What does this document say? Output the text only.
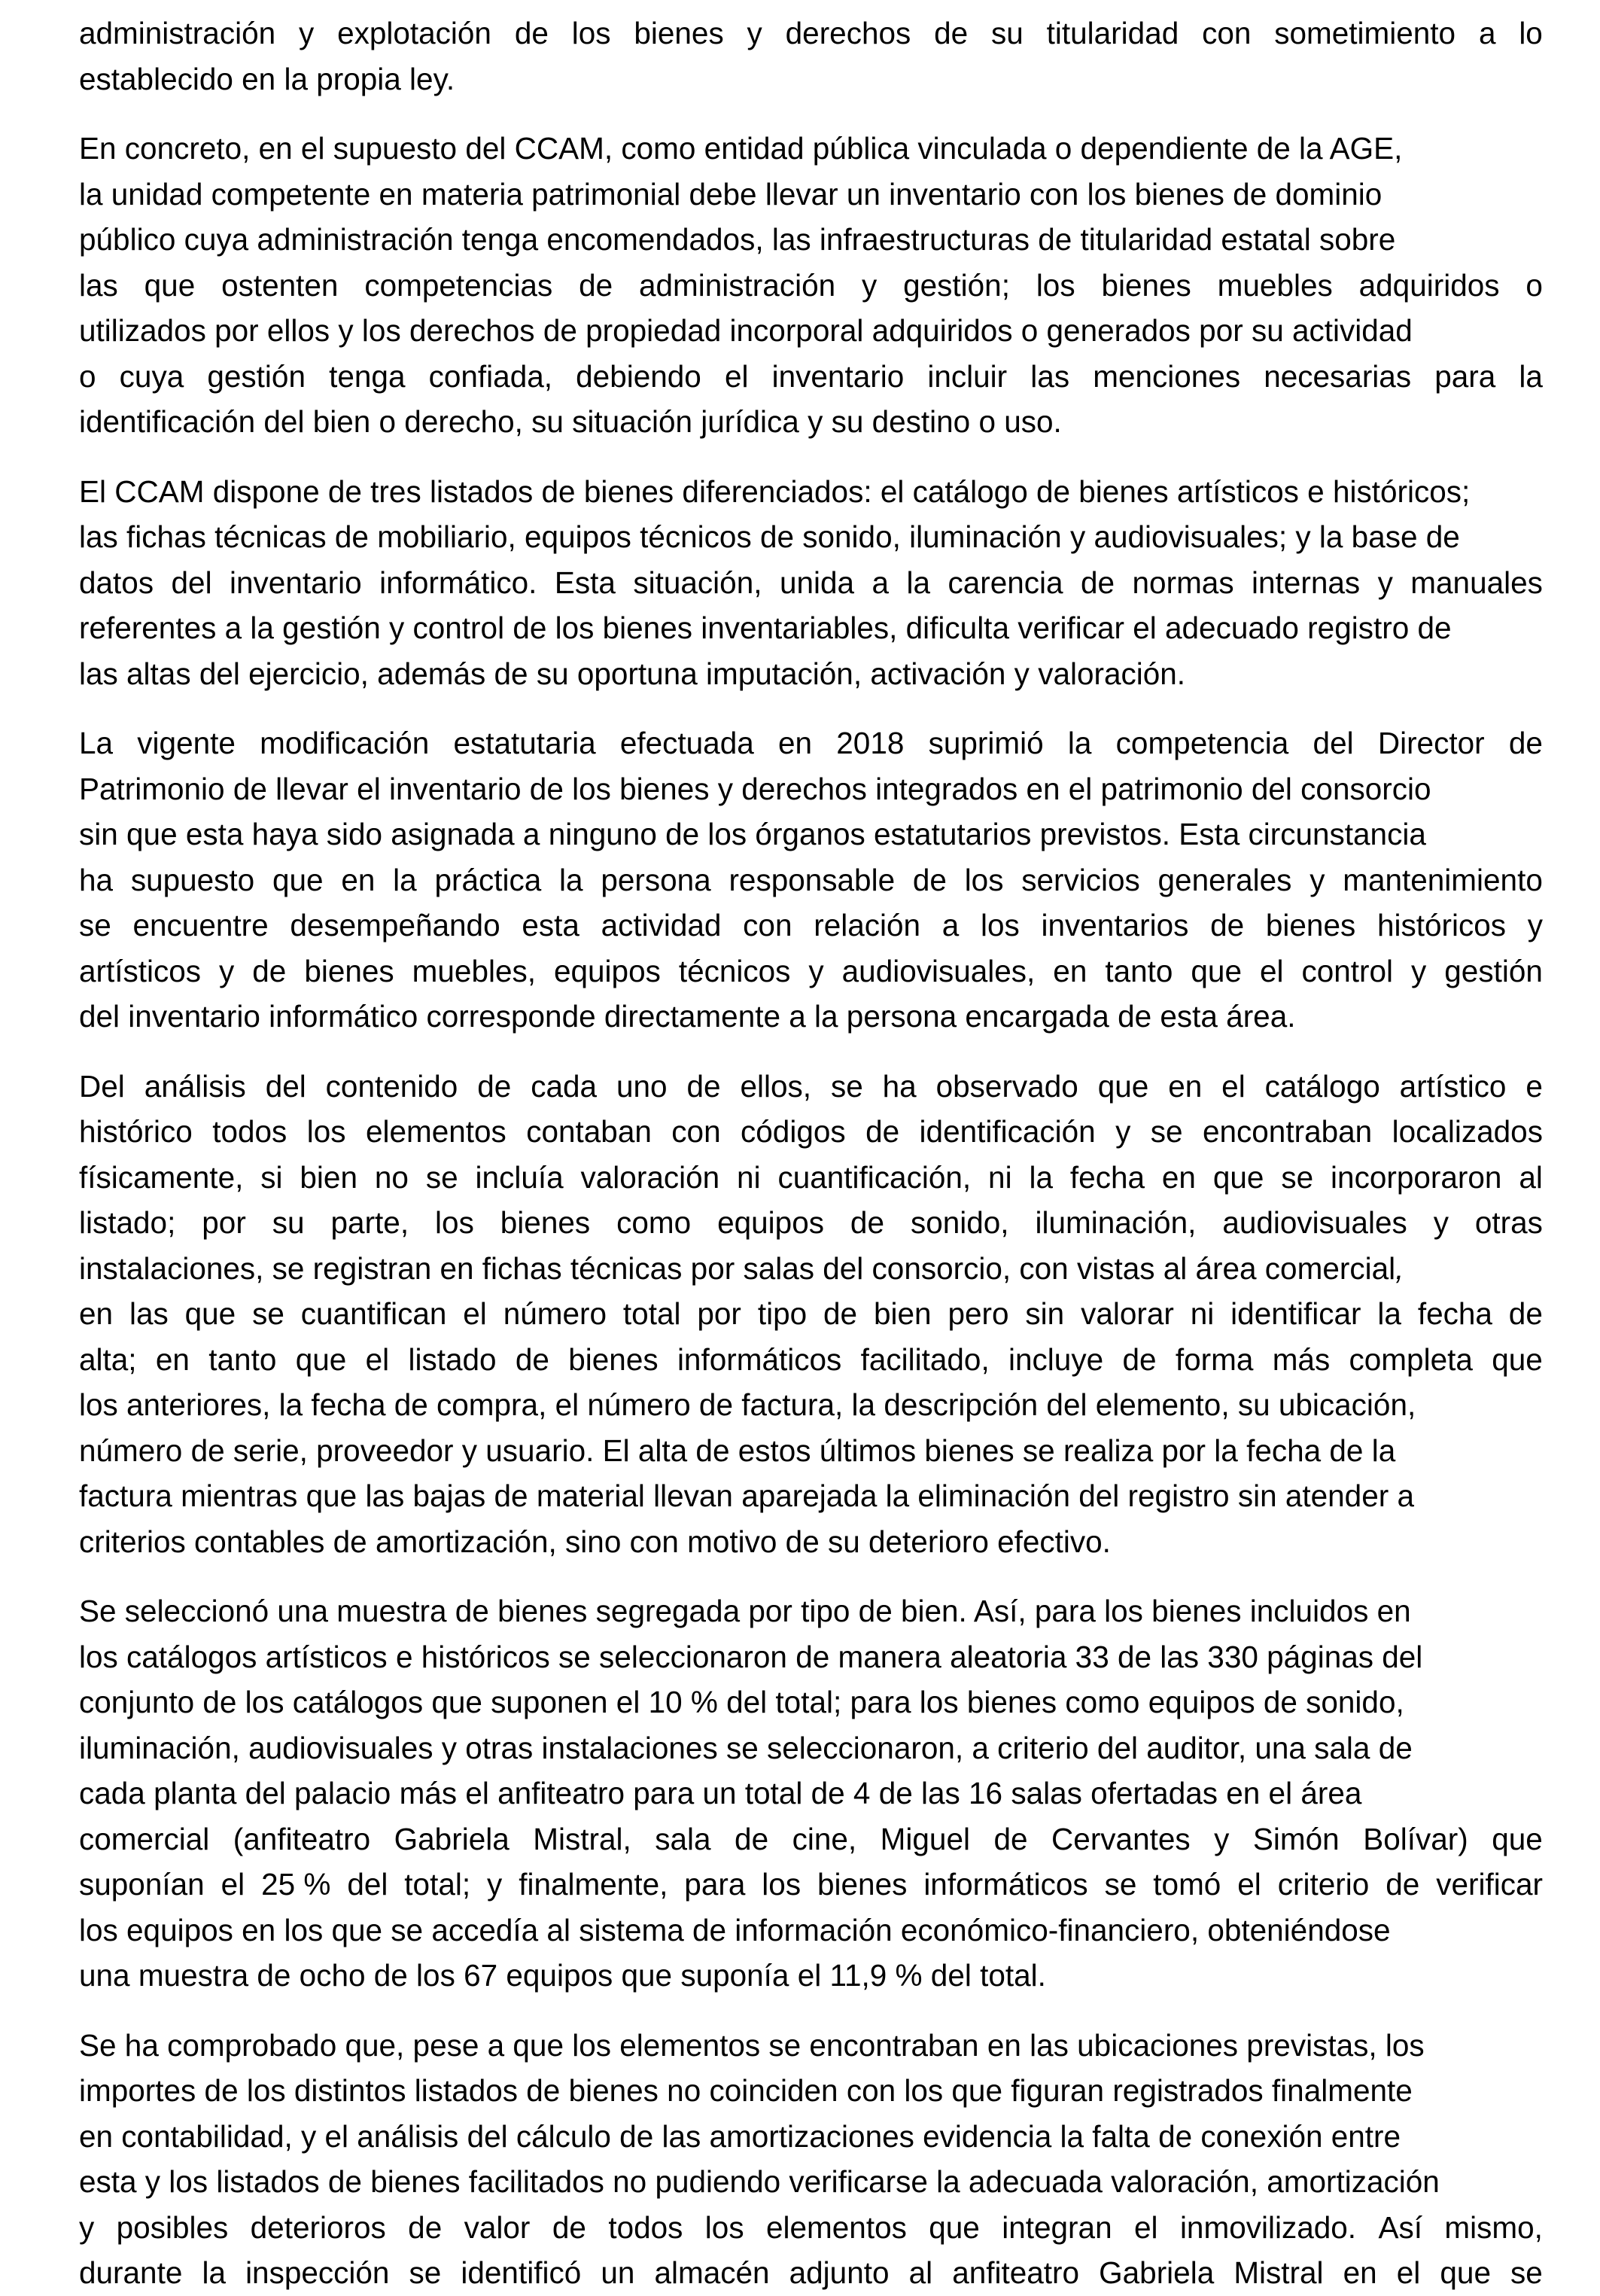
administración y explotación de los bienes y derechos de su titularidad con sometimiento a lo
establecido en la propia ley.

En concreto, en el supuesto del CCAM, como entidad pública vinculada o dependiente de la AGE,
la unidad competente en materia patrimonial debe llevar un inventario con los bienes de dominio
público cuya administración tenga encomendados, las infraestructuras de titularidad estatal sobre
las que ostenten competencias de administración y gestión; los bienes muebles adquiridos o
utilizados por ellos y los derechos de propiedad incorporal adquiridos o generados por su actividad
o cuya gestión tenga confiada, debiendo el inventario incluir las menciones necesarias para la
identificación del bien o derecho, su situación jurídica y su destino o uso.

El CCAM dispone de tres listados de bienes diferenciados: el catálogo de bienes artísticos e históricos;
las fichas técnicas de mobiliario, equipos técnicos de sonido, iluminación y audiovisuales; y la base de
datos del inventario informático. Esta situación, unida a la carencia de normas internas y manuales
referentes a la gestión y control de los bienes inventariables, dificulta verificar el adecuado registro de
las altas del ejercicio, además de su oportuna imputación, activación y valoración.

La vigente modificación estatutaria efectuada en 2018 suprimió la competencia del Director de
Patrimonio de llevar el inventario de los bienes y derechos integrados en el patrimonio del consorcio
sin que esta haya sido asignada a ninguno de los órganos estatutarios previstos. Esta circunstancia
ha supuesto que en la práctica la persona responsable de los servicios generales y mantenimiento
se encuentre desempeñando esta actividad con relación a los inventarios de bienes históricos y
artísticos y de bienes muebles, equipos técnicos y audiovisuales, en tanto que el control y gestión
del inventario informático corresponde directamente a la persona encargada de esta área.

Del análisis del contenido de cada uno de ellos, se ha observado que en el catálogo artístico e
histórico todos los elementos contaban con códigos de identificación y se encontraban localizados
físicamente, si bien no se incluía valoración ni cuantificación, ni la fecha en que se incorporaron al
listado; por su parte, los bienes como equipos de sonido, iluminación, audiovisuales y otras
instalaciones, se registran en fichas técnicas por salas del consorcio, con vistas al área comercial,
en las que se cuantifican el número total por tipo de bien pero sin valorar ni identificar la fecha de
alta; en tanto que el listado de bienes informáticos facilitado, incluye de forma más completa que
los anteriores, la fecha de compra, el número de factura, la descripción del elemento, su ubicación,
número de serie, proveedor y usuario. El alta de estos últimos bienes se realiza por la fecha de la
factura mientras que las bajas de material llevan aparejada la eliminación del registro sin atender a
criterios contables de amortización, sino con motivo de su deterioro efectivo.

Se seleccionó una muestra de bienes segregada por tipo de bien. Así, para los bienes incluidos en
los catálogos artísticos e históricos se seleccionaron de manera aleatoria 33 de las 330 páginas del
conjunto de los catálogos que suponen el 10 % del total; para los bienes como equipos de sonido,
iluminación, audiovisuales y otras instalaciones se seleccionaron, a criterio del auditor, una sala de
cada planta del palacio más el anfiteatro para un total de 4 de las 16 salas ofertadas en el área
comercial (anfiteatro Gabriela Mistral, sala de cine, Miguel de Cervantes y Simón Bolívar) que
suponían el 25 % del total; y finalmente, para los bienes informáticos se tomó el criterio de verificar
los equipos en los que se accedía al sistema de información económico-financiero, obteniéndose
una muestra de ocho de los 67 equipos que suponía el 11,9 % del total.

Se ha comprobado que, pese a que los elementos se encontraban en las ubicaciones previstas, los
importes de los distintos listados de bienes no coinciden con los que figuran registrados finalmente
en contabilidad, y el análisis del cálculo de las amortizaciones evidencia la falta de conexión entre
esta y los listados de bienes facilitados no pudiendo verificarse la adecuada valoración, amortización
y posibles deterioros de valor de todos los elementos que integran el inmovilizado. Así mismo,
durante la inspección se identificó un almacén adjunto al anfiteatro Gabriela Mistral en el que se
